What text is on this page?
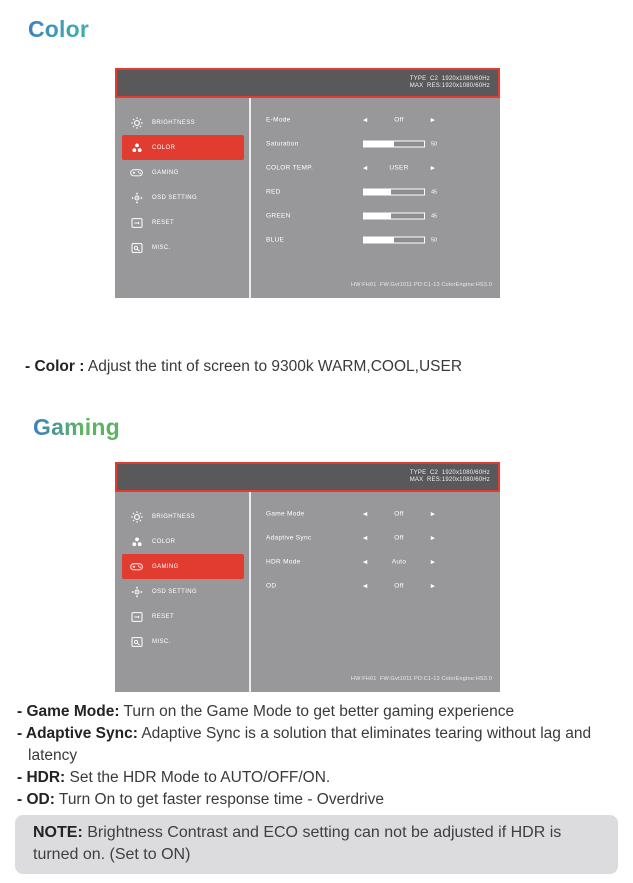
Color
TYPE  C2  1920x1080/60Hz
MAX  RES:1920x1080/60Hz
BRIGHTNESS
COLOR
GAMING
OSD SETTING
RESET
MISC.
E-Mode	◀	Off	▶
Saturation	50
COLOR TEMP.	◀	USER	▶
RED	45
GREEN	45
BLUE	50
HW:FH01  FW:Gvt1011 PD:C1-13 ColorEngine:HS3.0
- Color : Adjust the tint of screen to 9300k WARM,COOL,USER
Gaming
TYPE  C2  1920x1080/60Hz
MAX  RES:1920x1080/60Hz
BRIGHTNESS
COLOR
GAMING
OSD SETTING
RESET
MISC.
Game Mode	◀	Off	▶
Adaptive Sync	◀	Off	▶
HDR Mode	◀	Auto	▶
OD	◀	Off	▶
HW:FH01  FW:Gvt1011 PD:C1-13 ColorEngine:HS3.0
- Game Mode: Turn on the Game Mode to get better gaming experience
- Adaptive Sync: Adaptive Sync is a solution that eliminates tearing without lag and latency
- HDR: Set the HDR Mode to AUTO/OFF/ON.
- OD: Turn On to get faster response time - Overdrive
NOTE: Brightness Contrast and ECO setting can not be adjusted if HDR is turned on. (Set to ON)
